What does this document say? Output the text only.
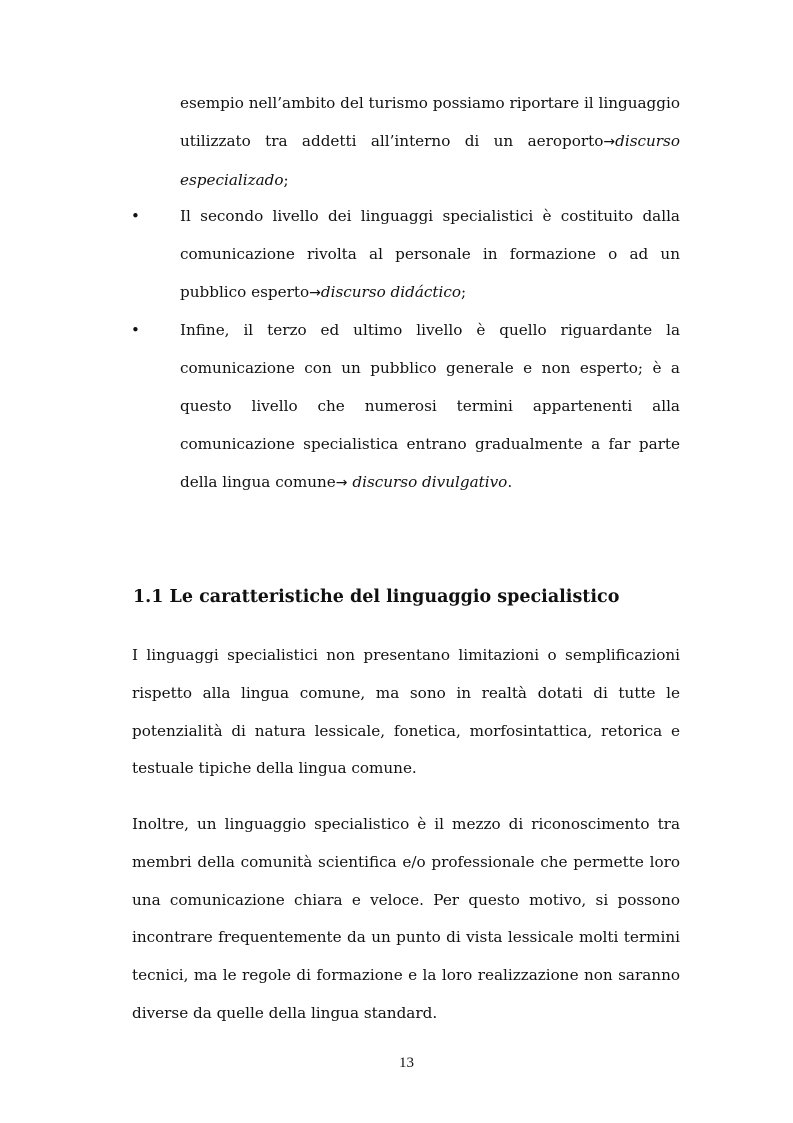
esempio nell’ambito del turismo possiamo riportare il linguaggio utilizzato tra addetti all’interno di un aeroporto→discurso especializado;
•	Il secondo livello dei linguaggi specialistici è costituito dalla comunicazione rivolta al personale in formazione o ad un pubblico esperto→discurso didáctico;
•	Infine, il terzo ed ultimo livello è quello riguardante la comunicazione con un pubblico generale e non esperto; è a questo livello che numerosi termini appartenenti alla comunicazione specialistica entrano gradualmente a far parte della lingua comune→ discurso divulgativo.
1.1 Le caratteristiche del linguaggio specialistico

I linguaggi specialistici non presentano limitazioni o semplificazioni rispetto alla lingua comune, ma sono in realtà dotati di tutte le potenzialità di natura lessicale, fonetica, morfosintattica, retorica e testuale tipiche della lingua comune.

Inoltre, un linguaggio specialistico è il mezzo di riconoscimento tra membri della comunità scientifica e/o professionale che permette loro una comunicazione chiara e veloce. Per questo motivo, si possono incontrare frequentemente da un punto di vista lessicale molti termini tecnici, ma le regole di formazione e la loro realizzazione non saranno diverse da quelle della lingua standard.

13
